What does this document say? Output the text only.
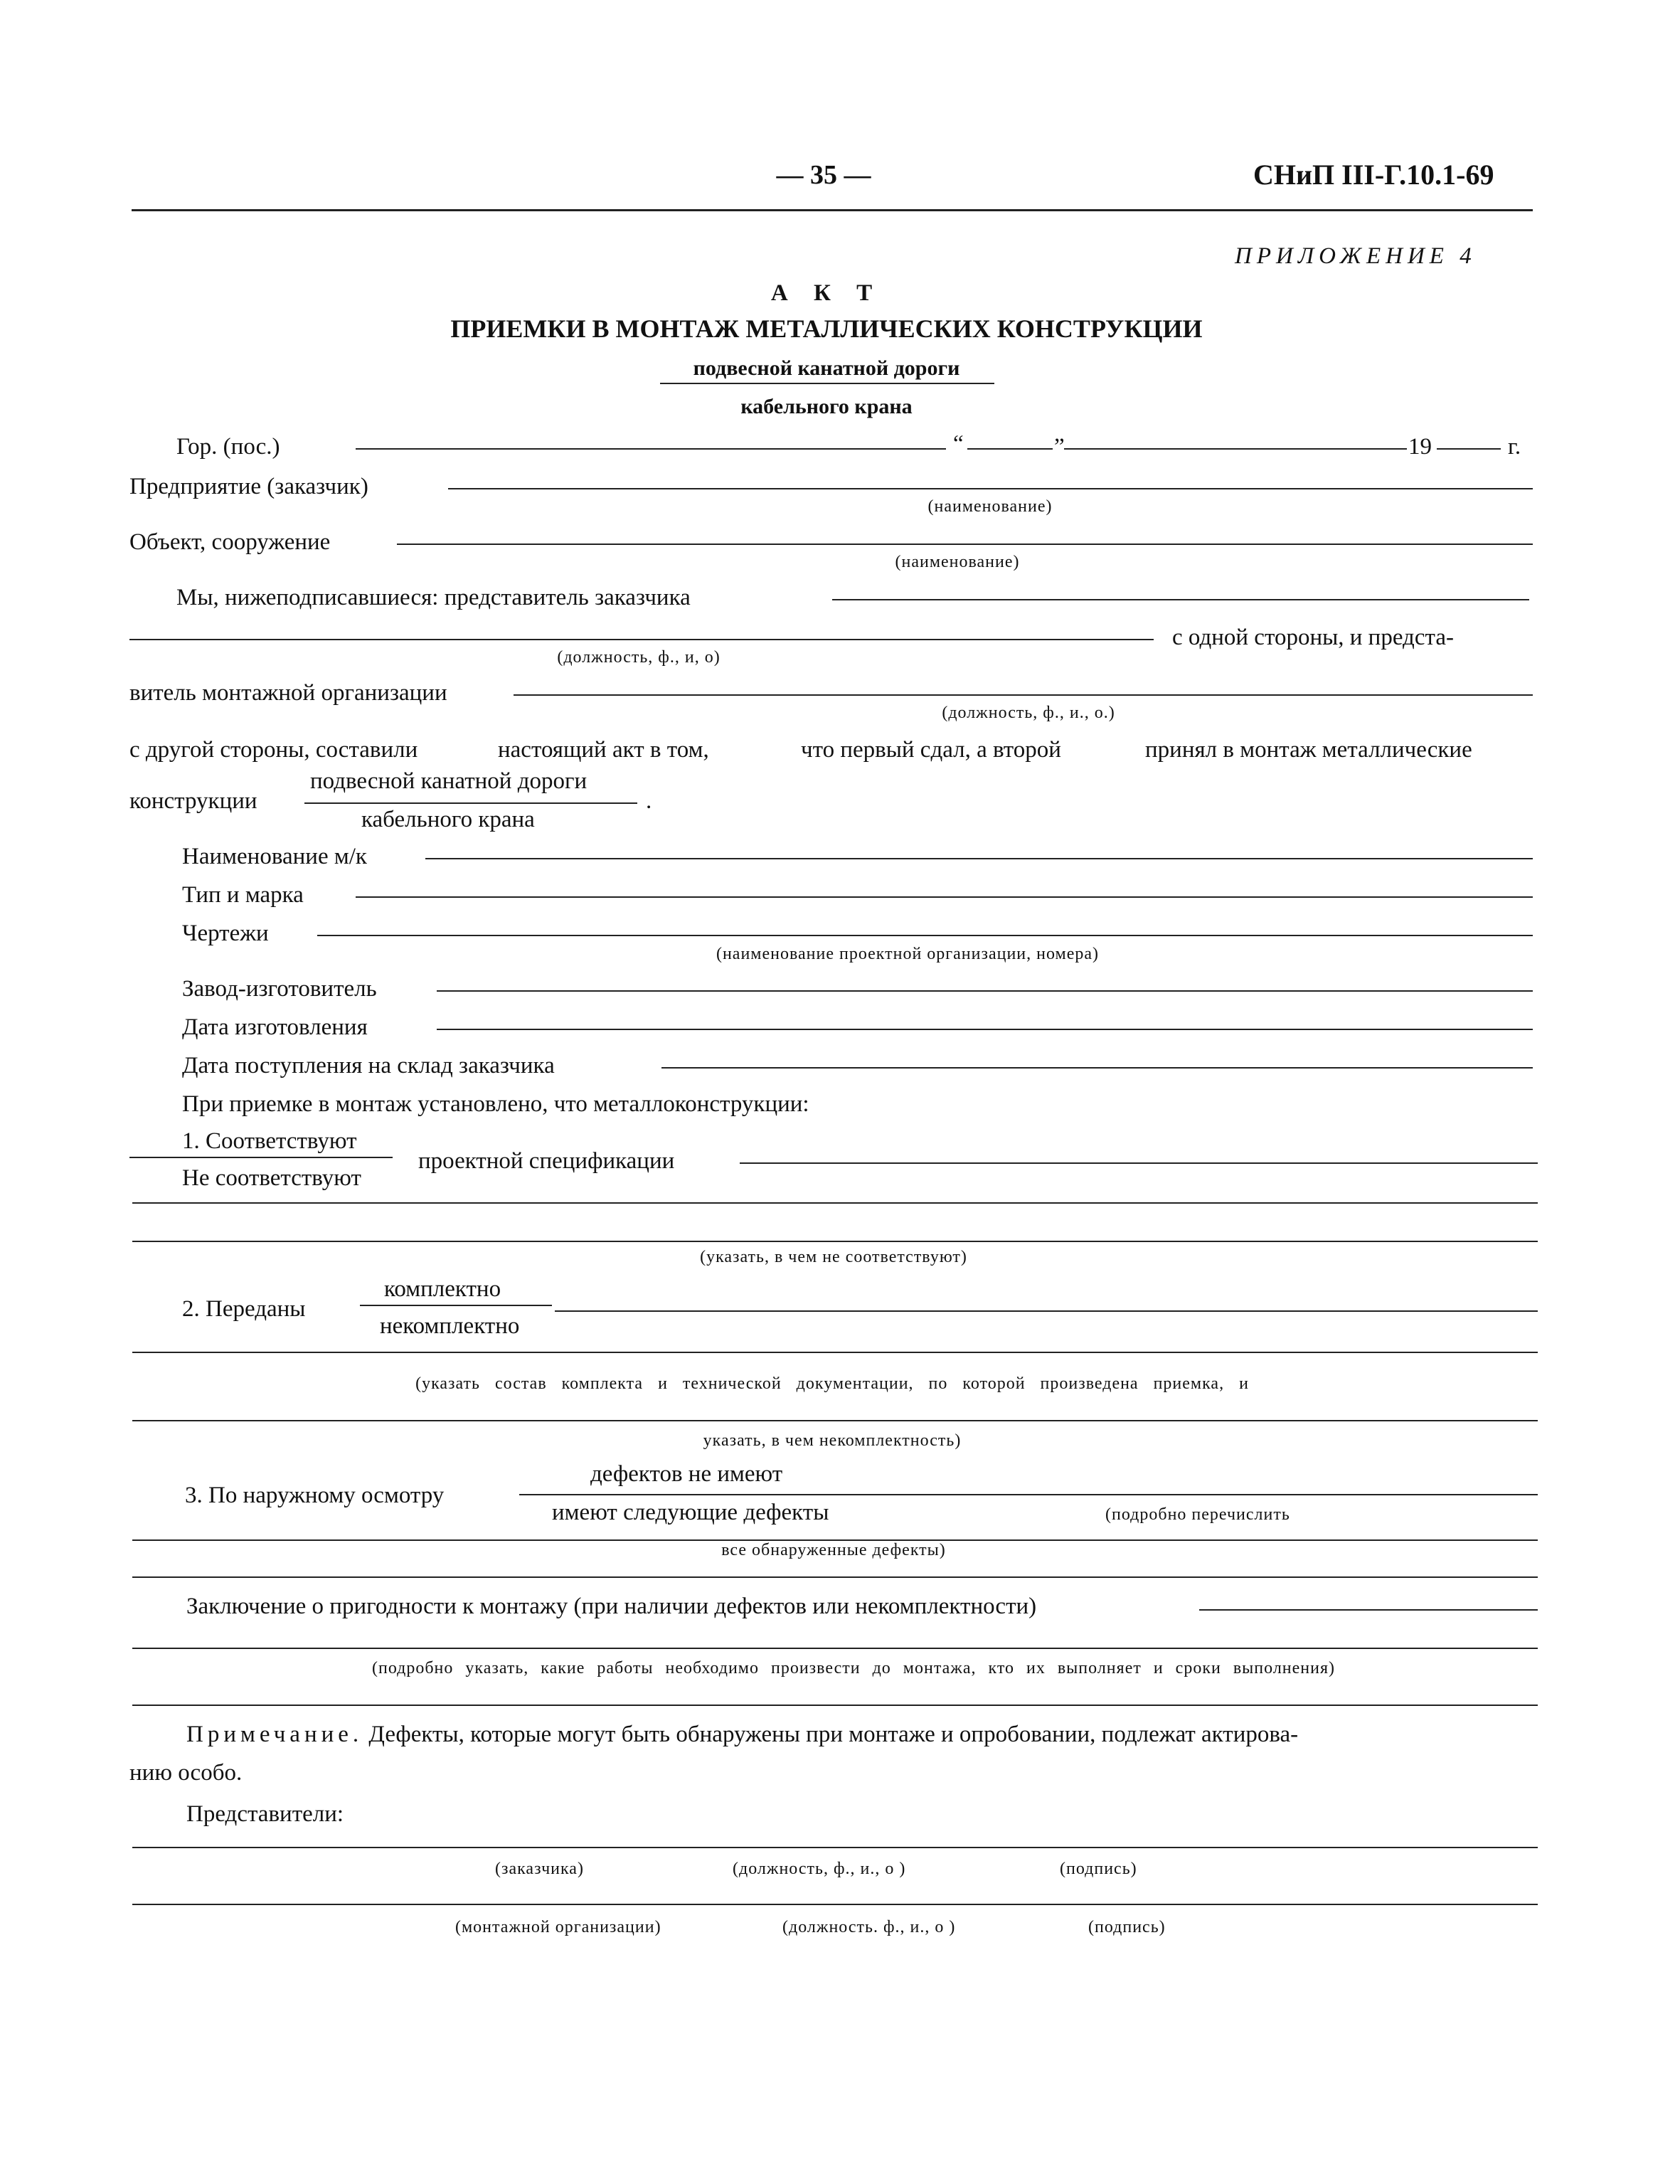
— 35 —	СНиП III-Г.10.1-69
ПРИЛОЖЕНИЕ 4
А К Т
ПРИЕМКИ В МОНТАЖ МЕТАЛЛИЧЕСКИХ КОНСТРУКЦИИ
подвесной канатной дороги
кабельного крана
Гор. (пос.)	“	”	19	г.
Предприятие (заказчик)
(наименование)
Объект, сооружение
(наименование)
Мы, нижеподписавшиеся: представитель заказчика
с одной стороны, и предста-
(должность, ф., и, о)
витель монтажной организации
(должность, ф., и., о.)
с другой стороны, составили	настоящий акт в том,	что первый сдал, а второй	принял в монтаж металлические
конструкции
подвесной канатной дороги
.
кабельного крана
Наименование м/к
Тип и марка
Чертежи
(наименование проектной организации, номера)
Завод-изготовитель
Дата изготовления
Дата поступления на склад заказчика
При приемке в монтаж установлено, что металлоконструкции:
1. Соответствуют
Не соответствуют
проектной спецификации
(указать, в чем не соответствуют)
2. Переданы
комплектно
некомплектно
(указать состав комплекта и технической документации, по которой произведена приемка, и
указать, в чем некомплектность)
3. По наружному осмотру
дефектов не имеют
имеют следующие дефекты	(подробно перечислить
все обнаруженные дефекты)
Заключение о пригодности к монтажу (при наличии дефектов или некомплектности)
(подробно указать, какие работы необходимо произвести до монтажа, кто их выполняет и сроки выполнения)
Примечание. Дефекты, которые могут быть обнаружены при монтаже и опробовании, подлежат актирова-
нию особо.
Представители:
(заказчика)	(должность, ф., и., о )	(подпись)
(монтажной организации)	(должность. ф., и., о )	(подпись)
